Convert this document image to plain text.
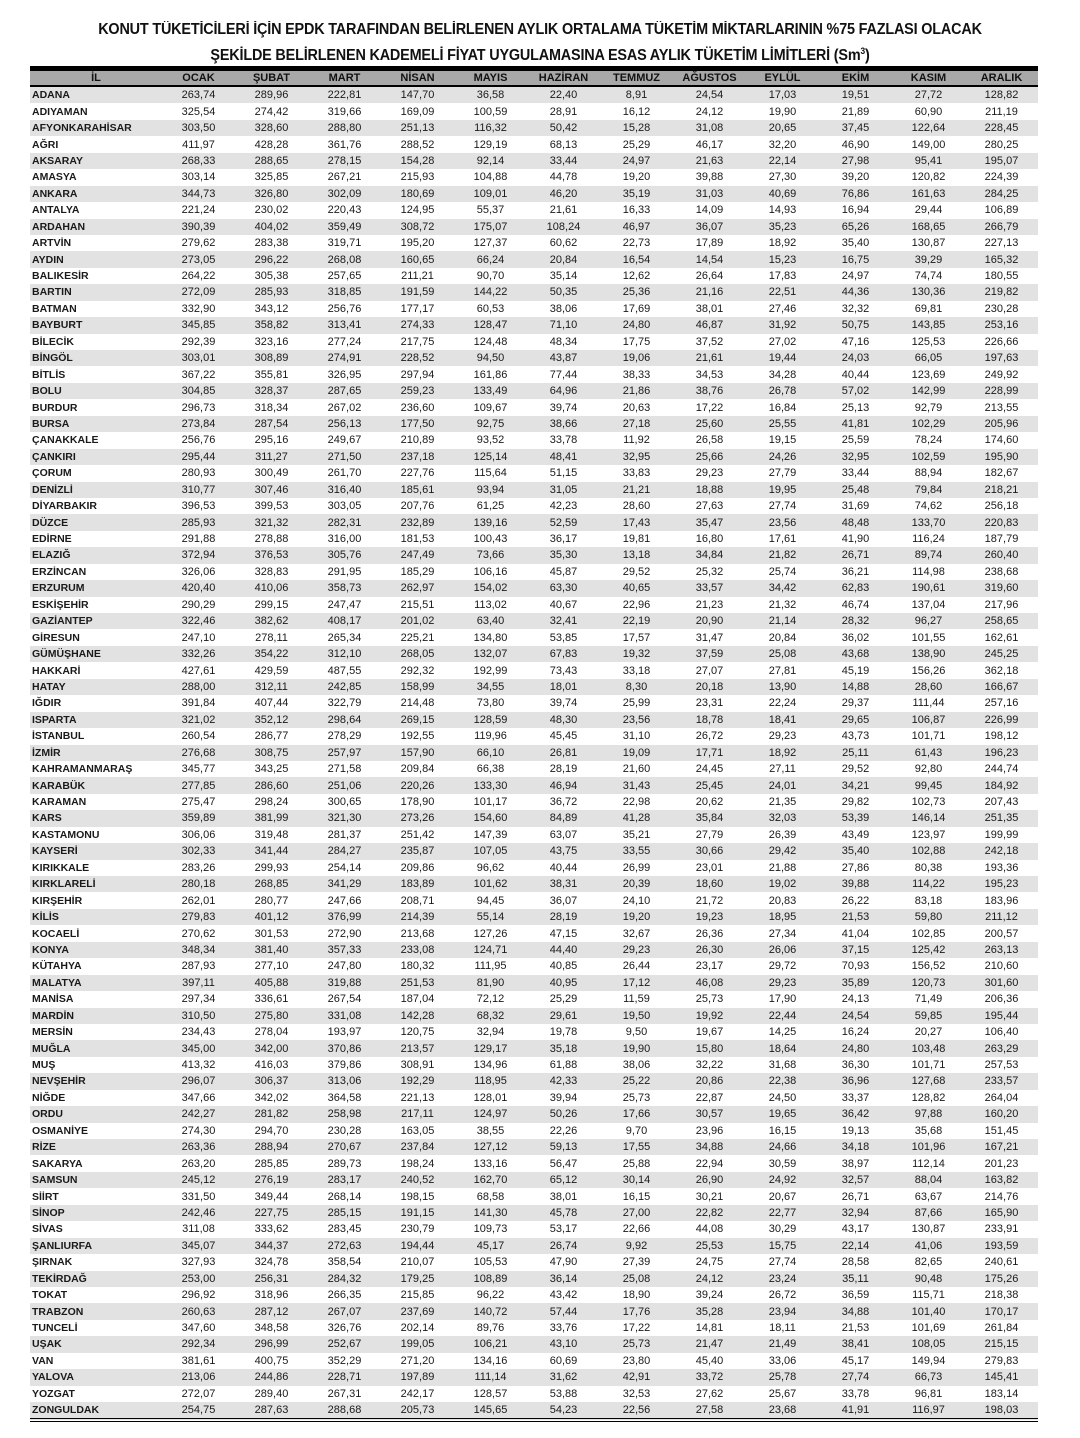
KONUT TÜKETİCİLERİ İÇİN EPDK TARAFINDAN BELİRLENEN AYLIK ORTALAMA TÜKETİM MİKTARLARININ %75 FAZLASI OLACAK
ŞEKİLDE BELİRLENEN KADEMELİ FİYAT UYGULAMASINA ESAS AYLIK TÜKETİM LİMİTLERİ (Sm$^3$)
İL	OCAK	ŞUBAT	MART	NİSAN	MAYIS	HAZİRAN	TEMMUZ	AĞUSTOS	EYLÜL	EKİM	KASIM	ARALIK
ADANA	263,74	289,96	222,81	147,70	36,58	22,40	8,91	24,54	17,03	19,51	27,72	128,82
ADIYAMAN	325,54	274,42	319,66	169,09	100,59	28,91	16,12	24,12	19,90	21,89	60,90	211,19
AFYONKARAHİSAR	303,50	328,60	288,80	251,13	116,32	50,42	15,28	31,08	20,65	37,45	122,64	228,45
AĞRI	411,97	428,28	361,76	288,52	129,19	68,13	25,29	46,17	32,20	46,90	149,00	280,25
AKSARAY	268,33	288,65	278,15	154,28	92,14	33,44	24,97	21,63	22,14	27,98	95,41	195,07
AMASYA	303,14	325,85	267,21	215,93	104,88	44,78	19,20	39,88	27,30	39,20	120,82	224,39
ANKARA	344,73	326,80	302,09	180,69	109,01	46,20	35,19	31,03	40,69	76,86	161,63	284,25
ANTALYA	221,24	230,02	220,43	124,95	55,37	21,61	16,33	14,09	14,93	16,94	29,44	106,89
ARDAHAN	390,39	404,02	359,49	308,72	175,07	108,24	46,97	36,07	35,23	65,26	168,65	266,79
ARTVİN	279,62	283,38	319,71	195,20	127,37	60,62	22,73	17,89	18,92	35,40	130,87	227,13
AYDIN	273,05	296,22	268,08	160,65	66,24	20,84	16,54	14,54	15,23	16,75	39,29	165,32
BALIKESİR	264,22	305,38	257,65	211,21	90,70	35,14	12,62	26,64	17,83	24,97	74,74	180,55
BARTIN	272,09	285,93	318,85	191,59	144,22	50,35	25,36	21,16	22,51	44,36	130,36	219,82
BATMAN	332,90	343,12	256,76	177,17	60,53	38,06	17,69	38,01	27,46	32,32	69,81	230,28
BAYBURT	345,85	358,82	313,41	274,33	128,47	71,10	24,80	46,87	31,92	50,75	143,85	253,16
BİLECİK	292,39	323,16	277,24	217,75	124,48	48,34	17,75	37,52	27,02	47,16	125,53	226,66
BİNGÖL	303,01	308,89	274,91	228,52	94,50	43,87	19,06	21,61	19,44	24,03	66,05	197,63
BİTLİS	367,22	355,81	326,95	297,94	161,86	77,44	38,33	34,53	34,28	40,44	123,69	249,92
BOLU	304,85	328,37	287,65	259,23	133,49	64,96	21,86	38,76	26,78	57,02	142,99	228,99
BURDUR	296,73	318,34	267,02	236,60	109,67	39,74	20,63	17,22	16,84	25,13	92,79	213,55
BURSA	273,84	287,54	256,13	177,50	92,75	38,66	27,18	25,60	25,55	41,81	102,29	205,96
ÇANAKKALE	256,76	295,16	249,67	210,89	93,52	33,78	11,92	26,58	19,15	25,59	78,24	174,60
ÇANKIRI	295,44	311,27	271,50	237,18	125,14	48,41	32,95	25,66	24,26	32,95	102,59	195,90
ÇORUM	280,93	300,49	261,70	227,76	115,64	51,15	33,83	29,23	27,79	33,44	88,94	182,67
DENİZLİ	310,77	307,46	316,40	185,61	93,94	31,05	21,21	18,88	19,95	25,48	79,84	218,21
DİYARBAKIR	396,53	399,53	303,05	207,76	61,25	42,23	28,60	27,63	27,74	31,69	74,62	256,18
DÜZCE	285,93	321,32	282,31	232,89	139,16	52,59	17,43	35,47	23,56	48,48	133,70	220,83
EDİRNE	291,88	278,88	316,00	181,53	100,43	36,17	19,81	16,80	17,61	41,90	116,24	187,79
ELAZIĞ	372,94	376,53	305,76	247,49	73,66	35,30	13,18	34,84	21,82	26,71	89,74	260,40
ERZİNCAN	326,06	328,83	291,95	185,29	106,16	45,87	29,52	25,32	25,74	36,21	114,98	238,68
ERZURUM	420,40	410,06	358,73	262,97	154,02	63,30	40,65	33,57	34,42	62,83	190,61	319,60
ESKİŞEHİR	290,29	299,15	247,47	215,51	113,02	40,67	22,96	21,23	21,32	46,74	137,04	217,96
GAZİANTEP	322,46	382,62	408,17	201,02	63,40	32,41	22,19	20,90	21,14	28,32	96,27	258,65
GİRESUN	247,10	278,11	265,34	225,21	134,80	53,85	17,57	31,47	20,84	36,02	101,55	162,61
GÜMÜŞHANE	332,26	354,22	312,10	268,05	132,07	67,83	19,32	37,59	25,08	43,68	138,90	245,25
HAKKARİ	427,61	429,59	487,55	292,32	192,99	73,43	33,18	27,07	27,81	45,19	156,26	362,18
HATAY	288,00	312,11	242,85	158,99	34,55	18,01	8,30	20,18	13,90	14,88	28,60	166,67
IĞDIR	391,84	407,44	322,79	214,48	73,80	39,74	25,99	23,31	22,24	29,37	111,44	257,16
ISPARTA	321,02	352,12	298,64	269,15	128,59	48,30	23,56	18,78	18,41	29,65	106,87	226,99
İSTANBUL	260,54	286,77	278,29	192,55	119,96	45,45	31,10	26,72	29,23	43,73	101,71	198,12
İZMİR	276,68	308,75	257,97	157,90	66,10	26,81	19,09	17,71	18,92	25,11	61,43	196,23
KAHRAMANMARAŞ	345,77	343,25	271,58	209,84	66,38	28,19	21,60	24,45	27,11	29,52	92,80	244,74
KARABÜK	277,85	286,60	251,06	220,26	133,30	46,94	31,43	25,45	24,01	34,21	99,45	184,92
KARAMAN	275,47	298,24	300,65	178,90	101,17	36,72	22,98	20,62	21,35	29,82	102,73	207,43
KARS	359,89	381,99	321,30	273,26	154,60	84,89	41,28	35,84	32,03	53,39	146,14	251,35
KASTAMONU	306,06	319,48	281,37	251,42	147,39	63,07	35,21	27,79	26,39	43,49	123,97	199,99
KAYSERİ	302,33	341,44	284,27	235,87	107,05	43,75	33,55	30,66	29,42	35,40	102,88	242,18
KIRIKKALE	283,26	299,93	254,14	209,86	96,62	40,44	26,99	23,01	21,88	27,86	80,38	193,36
KIRKLARELİ	280,18	268,85	341,29	183,89	101,62	38,31	20,39	18,60	19,02	39,88	114,22	195,23
KIRŞEHİR	262,01	280,77	247,66	208,71	94,45	36,07	24,10	21,72	20,83	26,22	83,18	183,96
KİLİS	279,83	401,12	376,99	214,39	55,14	28,19	19,20	19,23	18,95	21,53	59,80	211,12
KOCAELİ	270,62	301,53	272,90	213,68	127,26	47,15	32,67	26,36	27,34	41,04	102,85	200,57
KONYA	348,34	381,40	357,33	233,08	124,71	44,40	29,23	26,30	26,06	37,15	125,42	263,13
KÜTAHYA	287,93	277,10	247,80	180,32	111,95	40,85	26,44	23,17	29,72	70,93	156,52	210,60
MALATYA	397,11	405,88	319,88	251,53	81,90	40,95	17,12	46,08	29,23	35,89	120,73	301,60
MANİSA	297,34	336,61	267,54	187,04	72,12	25,29	11,59	25,73	17,90	24,13	71,49	206,36
MARDİN	310,50	275,80	331,08	142,28	68,32	29,61	19,50	19,92	22,44	24,54	59,85	195,44
MERSİN	234,43	278,04	193,97	120,75	32,94	19,78	9,50	19,67	14,25	16,24	20,27	106,40
MUĞLA	345,00	342,00	370,86	213,57	129,17	35,18	19,90	15,80	18,64	24,80	103,48	263,29
MUŞ	413,32	416,03	379,86	308,91	134,96	61,88	38,06	32,22	31,68	36,30	101,71	257,53
NEVŞEHİR	296,07	306,37	313,06	192,29	118,95	42,33	25,22	20,86	22,38	36,96	127,68	233,57
NİĞDE	347,66	342,02	364,58	221,13	128,01	39,94	25,73	22,87	24,50	33,37	128,82	264,04
ORDU	242,27	281,82	258,98	217,11	124,97	50,26	17,66	30,57	19,65	36,42	97,88	160,20
OSMANİYE	274,30	294,70	230,28	163,05	38,55	22,26	9,70	23,96	16,15	19,13	35,68	151,45
RİZE	263,36	288,94	270,67	237,84	127,12	59,13	17,55	34,88	24,66	34,18	101,96	167,21
SAKARYA	263,20	285,85	289,73	198,24	133,16	56,47	25,88	22,94	30,59	38,97	112,14	201,23
SAMSUN	245,12	276,19	283,17	240,52	162,70	65,12	30,14	26,90	24,92	32,57	88,04	163,82
SİİRT	331,50	349,44	268,14	198,15	68,58	38,01	16,15	30,21	20,67	26,71	63,67	214,76
SİNOP	242,46	227,75	285,15	191,15	141,30	45,78	27,00	22,82	22,77	32,94	87,66	165,90
SİVAS	311,08	333,62	283,45	230,79	109,73	53,17	22,66	44,08	30,29	43,17	130,87	233,91
ŞANLIURFA	345,07	344,37	272,63	194,44	45,17	26,74	9,92	25,53	15,75	22,14	41,06	193,59
ŞIRNAK	327,93	324,78	358,54	210,07	105,53	47,90	27,39	24,75	27,74	28,58	82,65	240,61
TEKİRDAĞ	253,00	256,31	284,32	179,25	108,89	36,14	25,08	24,12	23,24	35,11	90,48	175,26
TOKAT	296,92	318,96	266,35	215,85	96,22	43,42	18,90	39,24	26,72	36,59	115,71	218,38
TRABZON	260,63	287,12	267,07	237,69	140,72	57,44	17,76	35,28	23,94	34,88	101,40	170,17
TUNCELİ	347,60	348,58	326,76	202,14	89,76	33,76	17,22	14,81	18,11	21,53	101,69	261,84
UŞAK	292,34	296,99	252,67	199,05	106,21	43,10	25,73	21,47	21,49	38,41	108,05	215,15
VAN	381,61	400,75	352,29	271,20	134,16	60,69	23,80	45,40	33,06	45,17	149,94	279,83
YALOVA	213,06	244,86	228,71	197,89	111,14	31,62	42,91	33,72	25,78	27,74	66,73	145,41
YOZGAT	272,07	289,40	267,31	242,17	128,57	53,88	32,53	27,62	25,67	33,78	96,81	183,14
ZONGULDAK	254,75	287,63	288,68	205,73	145,65	54,23	22,56	27,58	23,68	41,91	116,97	198,03
